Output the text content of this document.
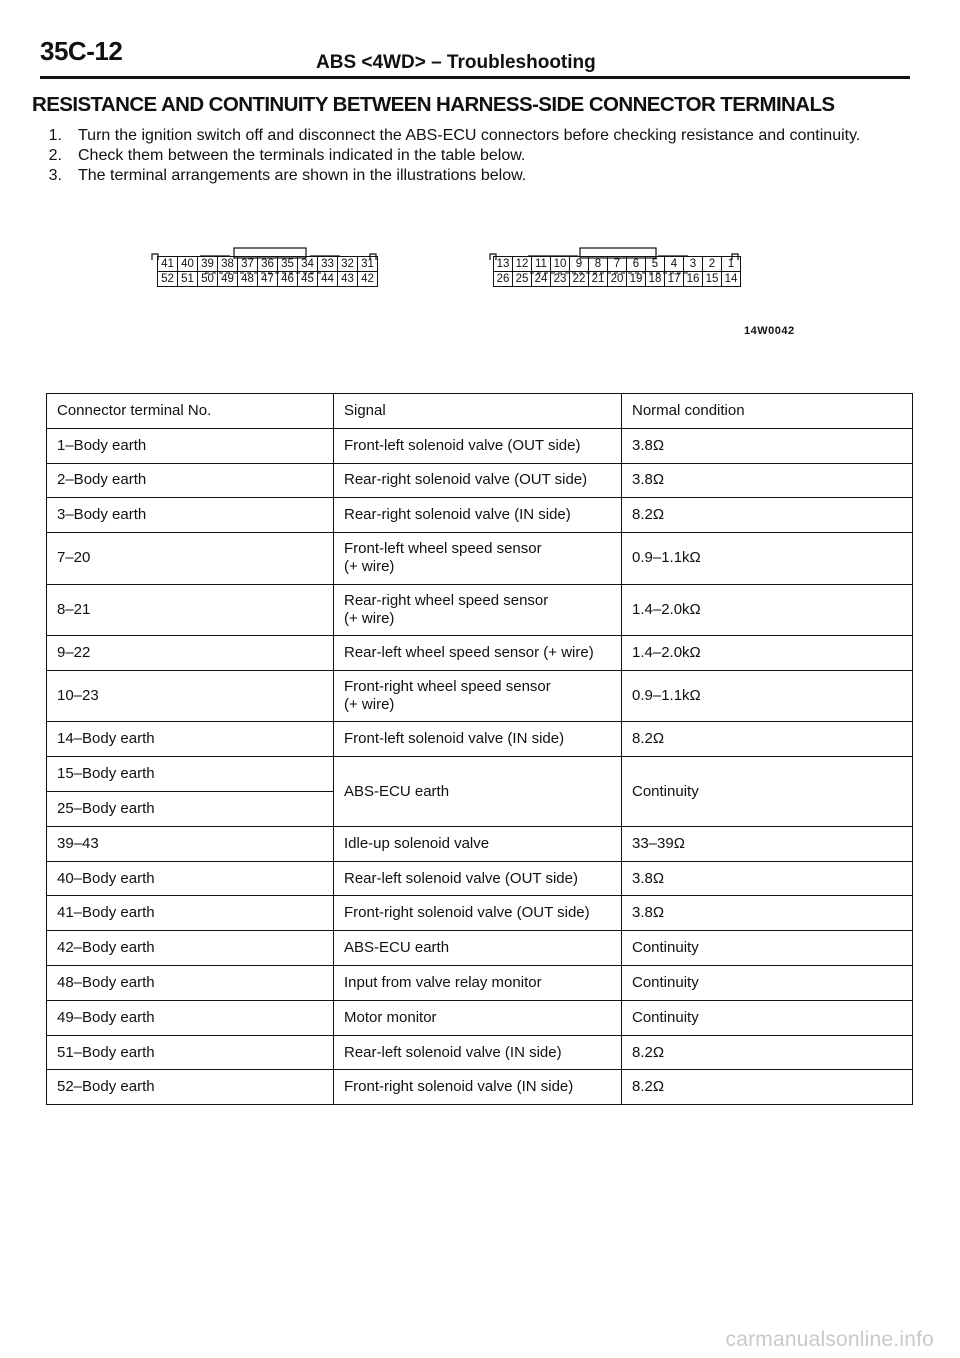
35C-12	ABS <4WD> – Troubleshooting
RESISTANCE AND CONTINUITY BETWEEN HARNESS-SIDE CONNECTOR TERMINALS
1. Turn the ignition switch off and disconnect the ABS-ECU connectors before checking resistance and continuity.
2. Check them between the terminals indicated in the table below.
3. The terminal arrangements are shown in the illustrations below.
41 40 39 38 37 36 35 34 33 32 31
52 51 50 49 48 47 46 45 44 43 42
13 12 11 10 9	8	7	6	5	4	3	2	1
26 25 24 23 22 21 20 19 18 17 16 15 14
14W0042
Connector terminal No.	Signal	Normal condition
1–Body earth	Front-left solenoid valve (OUT side)	3.8Ω
2–Body earth	Rear-right solenoid valve (OUT side)	3.8Ω
3–Body earth	Rear-right solenoid valve (IN side)	8.2Ω
7–20	Front-left wheel speed sensor
(+ wire)	0.9–1.1kΩ
8–21	Rear-right wheel speed sensor
(+ wire)	1.4–2.0kΩ
9–22	Rear-left wheel speed sensor (+ wire)	1.4–2.0kΩ
10–23	Front-right wheel speed sensor
(+ wire)	0.9–1.1kΩ
14–Body earth	Front-left solenoid valve (IN side)	8.2Ω
15–Body earth	ABS-ECU earth	Continuity
25–Body earth		
39–43	Idle-up solenoid valve	33–39Ω
40–Body earth	Rear-left solenoid valve (OUT side)	3.8Ω
41–Body earth	Front-right solenoid valve (OUT side)	3.8Ω
42–Body earth	ABS-ECU earth	Continuity
48–Body earth	Input from valve relay monitor	Continuity
49–Body earth	Motor monitor	Continuity
51–Body earth	Rear-left solenoid valve (IN side)	8.2Ω
52–Body earth	Front-right solenoid valve (IN side)	8.2Ω
carmanualsonline.info
